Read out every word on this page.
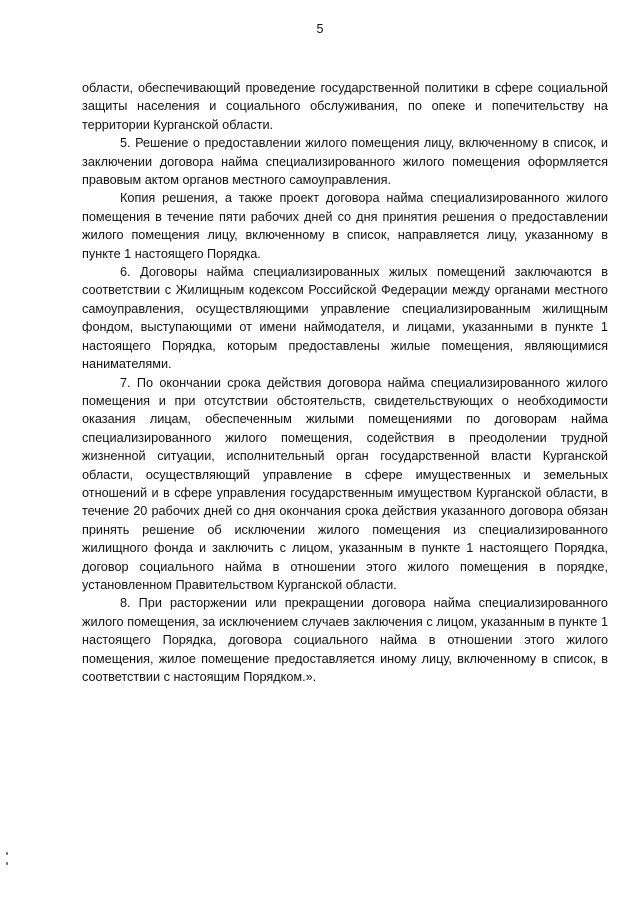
5

области, обеспечивающий проведение государственной политики в сфере социальной защиты населения и социального обслуживания, по опеке и попечительству на территории Курганской области.

5. Решение о предоставлении жилого помещения лицу, включенному в список, и заключении договора найма специализированного жилого помещения оформляется правовым актом органов местного самоуправления.

Копия решения, а также проект договора найма специализированного жилого помещения в течение пяти рабочих дней со дня принятия решения о предоставлении жилого помещения лицу, включенному в список, направляется лицу, указанному в пункте 1 настоящего Порядка.

6. Договоры найма специализированных жилых помещений заключаются в соответствии с Жилищным кодексом Российской Федерации между органами местного самоуправления, осуществляющими управление специализированным жилищным фондом, выступающими от имени наймодателя, и лицами, указанными в пункте 1 настоящего Порядка, которым предоставлены жилые помещения, являющимися нанимателями.

7. По окончании срока действия договора найма специализированного жилого помещения и при отсутствии обстоятельств, свидетельствующих о необходимости оказания лицам, обеспеченным жилыми помещениями по договорам найма специализированного жилого помещения, содействия в преодолении трудной жизненной ситуации, исполнительный орган государственной власти Курганской области, осуществляющий управление в сфере имущественных и земельных отношений и в сфере управления государственным имуществом Курганской области, в течение 20 рабочих дней со дня окончания срока действия указанного договора обязан принять решение об исключении жилого помещения из специализированного жилищного фонда и заключить с лицом, указанным в пункте 1 настоящего Порядка, договор социального найма в отношении этого жилого помещения в порядке, установленном Правительством Курганской области.

8. При расторжении или прекращении договора найма специализированного жилого помещения, за исключением случаев заключения с лицом, указанным в пункте 1 настоящего Порядка, договора социального найма в отношении этого жилого помещения, жилое помещение предоставляется иному лицу, включенному в список, в соответствии с настоящим Порядком.».
